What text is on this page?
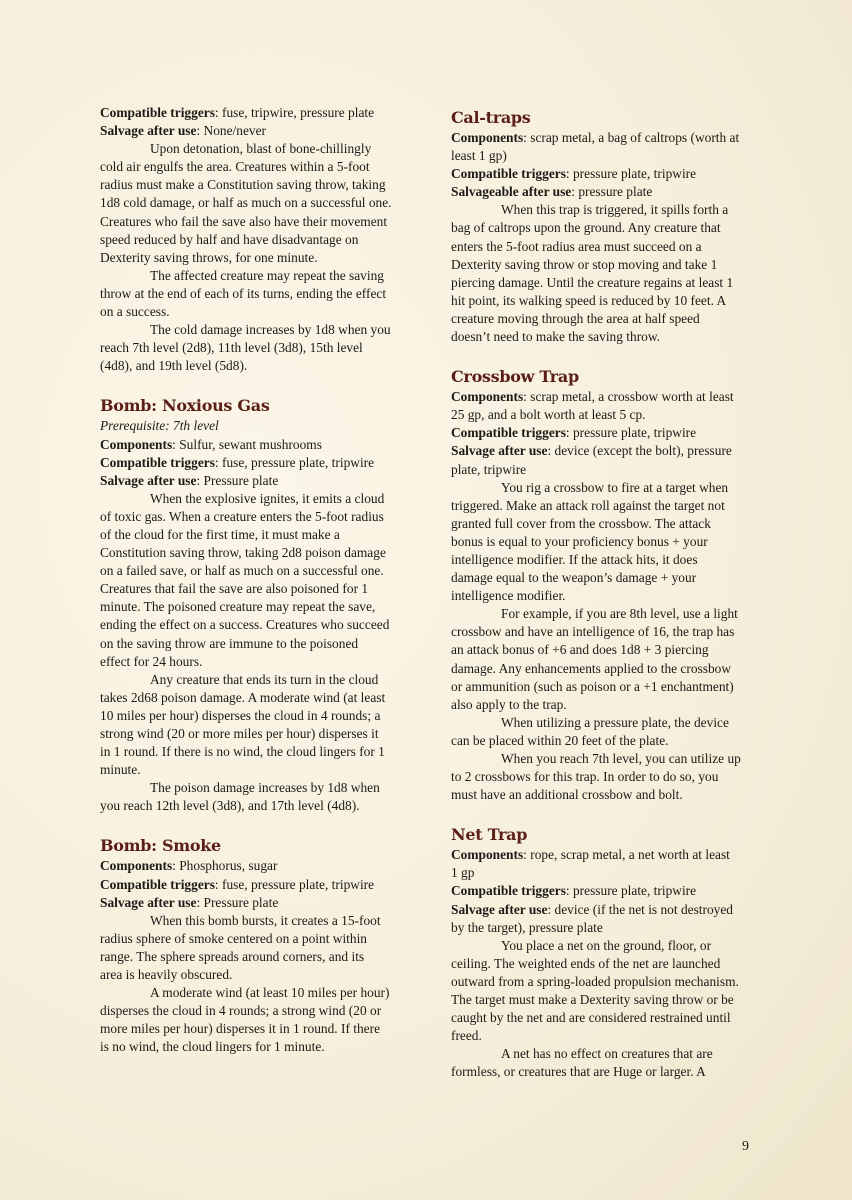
Compatible triggers: fuse, tripwire, pressure plate
Salvage after use: None/never
Upon detonation, blast of bone-chillingly
cold air engulfs the area. Creatures within a 5-foot
radius must make a Constitution saving throw, taking
1d8 cold damage, or half as much on a successful one.
Creatures who fail the save also have their movement
speed reduced by half and have disadvantage on
Dexterity saving throws, for one minute.
The affected creature may repeat the saving
throw at the end of each of its turns, ending the effect
on a success.
The cold damage increases by 1d8 when you
reach 7th level (2d8), 11th level (3d8), 15th level
(4d8), and 19th level (5d8).
Bomb: Noxious Gas
Prerequisite: 7th level
Components: Sulfur, sewant mushrooms
Compatible triggers: fuse, pressure plate, tripwire
Salvage after use: Pressure plate
When the explosive ignites, it emits a cloud
of toxic gas. When a creature enters the 5-foot radius
of the cloud for the first time, it must make a
Constitution saving throw, taking 2d8 poison damage
on a failed save, or half as much on a successful one.
Creatures that fail the save are also poisoned for 1
minute. The poisoned creature may repeat the save,
ending the effect on a success. Creatures who succeed
on the saving throw are immune to the poisoned
effect for 24 hours.
Any creature that ends its turn in the cloud
takes 2d68 poison damage. A moderate wind (at least
10 miles per hour) disperses the cloud in 4 rounds; a
strong wind (20 or more miles per hour) disperses it
in 1 round. If there is no wind, the cloud lingers for 1
minute.
The poison damage increases by 1d8 when
you reach 12th level (3d8), and 17th level (4d8).
Bomb: Smoke
Components: Phosphorus, sugar
Compatible triggers: fuse, pressure plate, tripwire
Salvage after use: Pressure plate
When this bomb bursts, it creates a 15-foot
radius sphere of smoke centered on a point within
range. The sphere spreads around corners, and its
area is heavily obscured.
A moderate wind (at least 10 miles per hour)
disperses the cloud in 4 rounds; a strong wind (20 or
more miles per hour) disperses it in 1 round. If there
is no wind, the cloud lingers for 1 minute.
Cal-traps
Components: scrap metal, a bag of caltrops (worth at
least 1 gp)
Compatible triggers: pressure plate, tripwire
Salvageable after use: pressure plate
When this trap is triggered, it spills forth a
bag of caltrops upon the ground. Any creature that
enters the 5-foot radius area must succeed on a
Dexterity saving throw or stop moving and take 1
piercing damage. Until the creature regains at least 1
hit point, its walking speed is reduced by 10 feet. A
creature moving through the area at half speed
doesn’t need to make the saving throw.
Crossbow Trap
Components: scrap metal, a crossbow worth at least
25 gp, and a bolt worth at least 5 cp.
Compatible triggers: pressure plate, tripwire
Salvage after use: device (except the bolt), pressure
plate, tripwire
You rig a crossbow to fire at a target when
triggered. Make an attack roll against the target not
granted full cover from the crossbow. The attack
bonus is equal to your proficiency bonus + your
intelligence modifier. If the attack hits, it does
damage equal to the weapon’s damage + your
intelligence modifier.
For example, if you are 8th level, use a light
crossbow and have an intelligence of 16, the trap has
an attack bonus of +6 and does 1d8 + 3 piercing
damage. Any enhancements applied to the crossbow
or ammunition (such as poison or a +1 enchantment)
also apply to the trap.
When utilizing a pressure plate, the device
can be placed within 20 feet of the plate.
When you reach 7th level, you can utilize up
to 2 crossbows for this trap. In order to do so, you
must have an additional crossbow and bolt.
Net Trap
Components: rope, scrap metal, a net worth at least
1 gp
Compatible triggers: pressure plate, tripwire
Salvage after use: device (if the net is not destroyed
by the target), pressure plate
You place a net on the ground, floor, or
ceiling. The weighted ends of the net are launched
outward from a spring-loaded propulsion mechanism.
The target must make a Dexterity saving throw or be
caught by the net and are considered restrained until
freed.
A net has no effect on creatures that are
formless, or creatures that are Huge or larger. A
9
